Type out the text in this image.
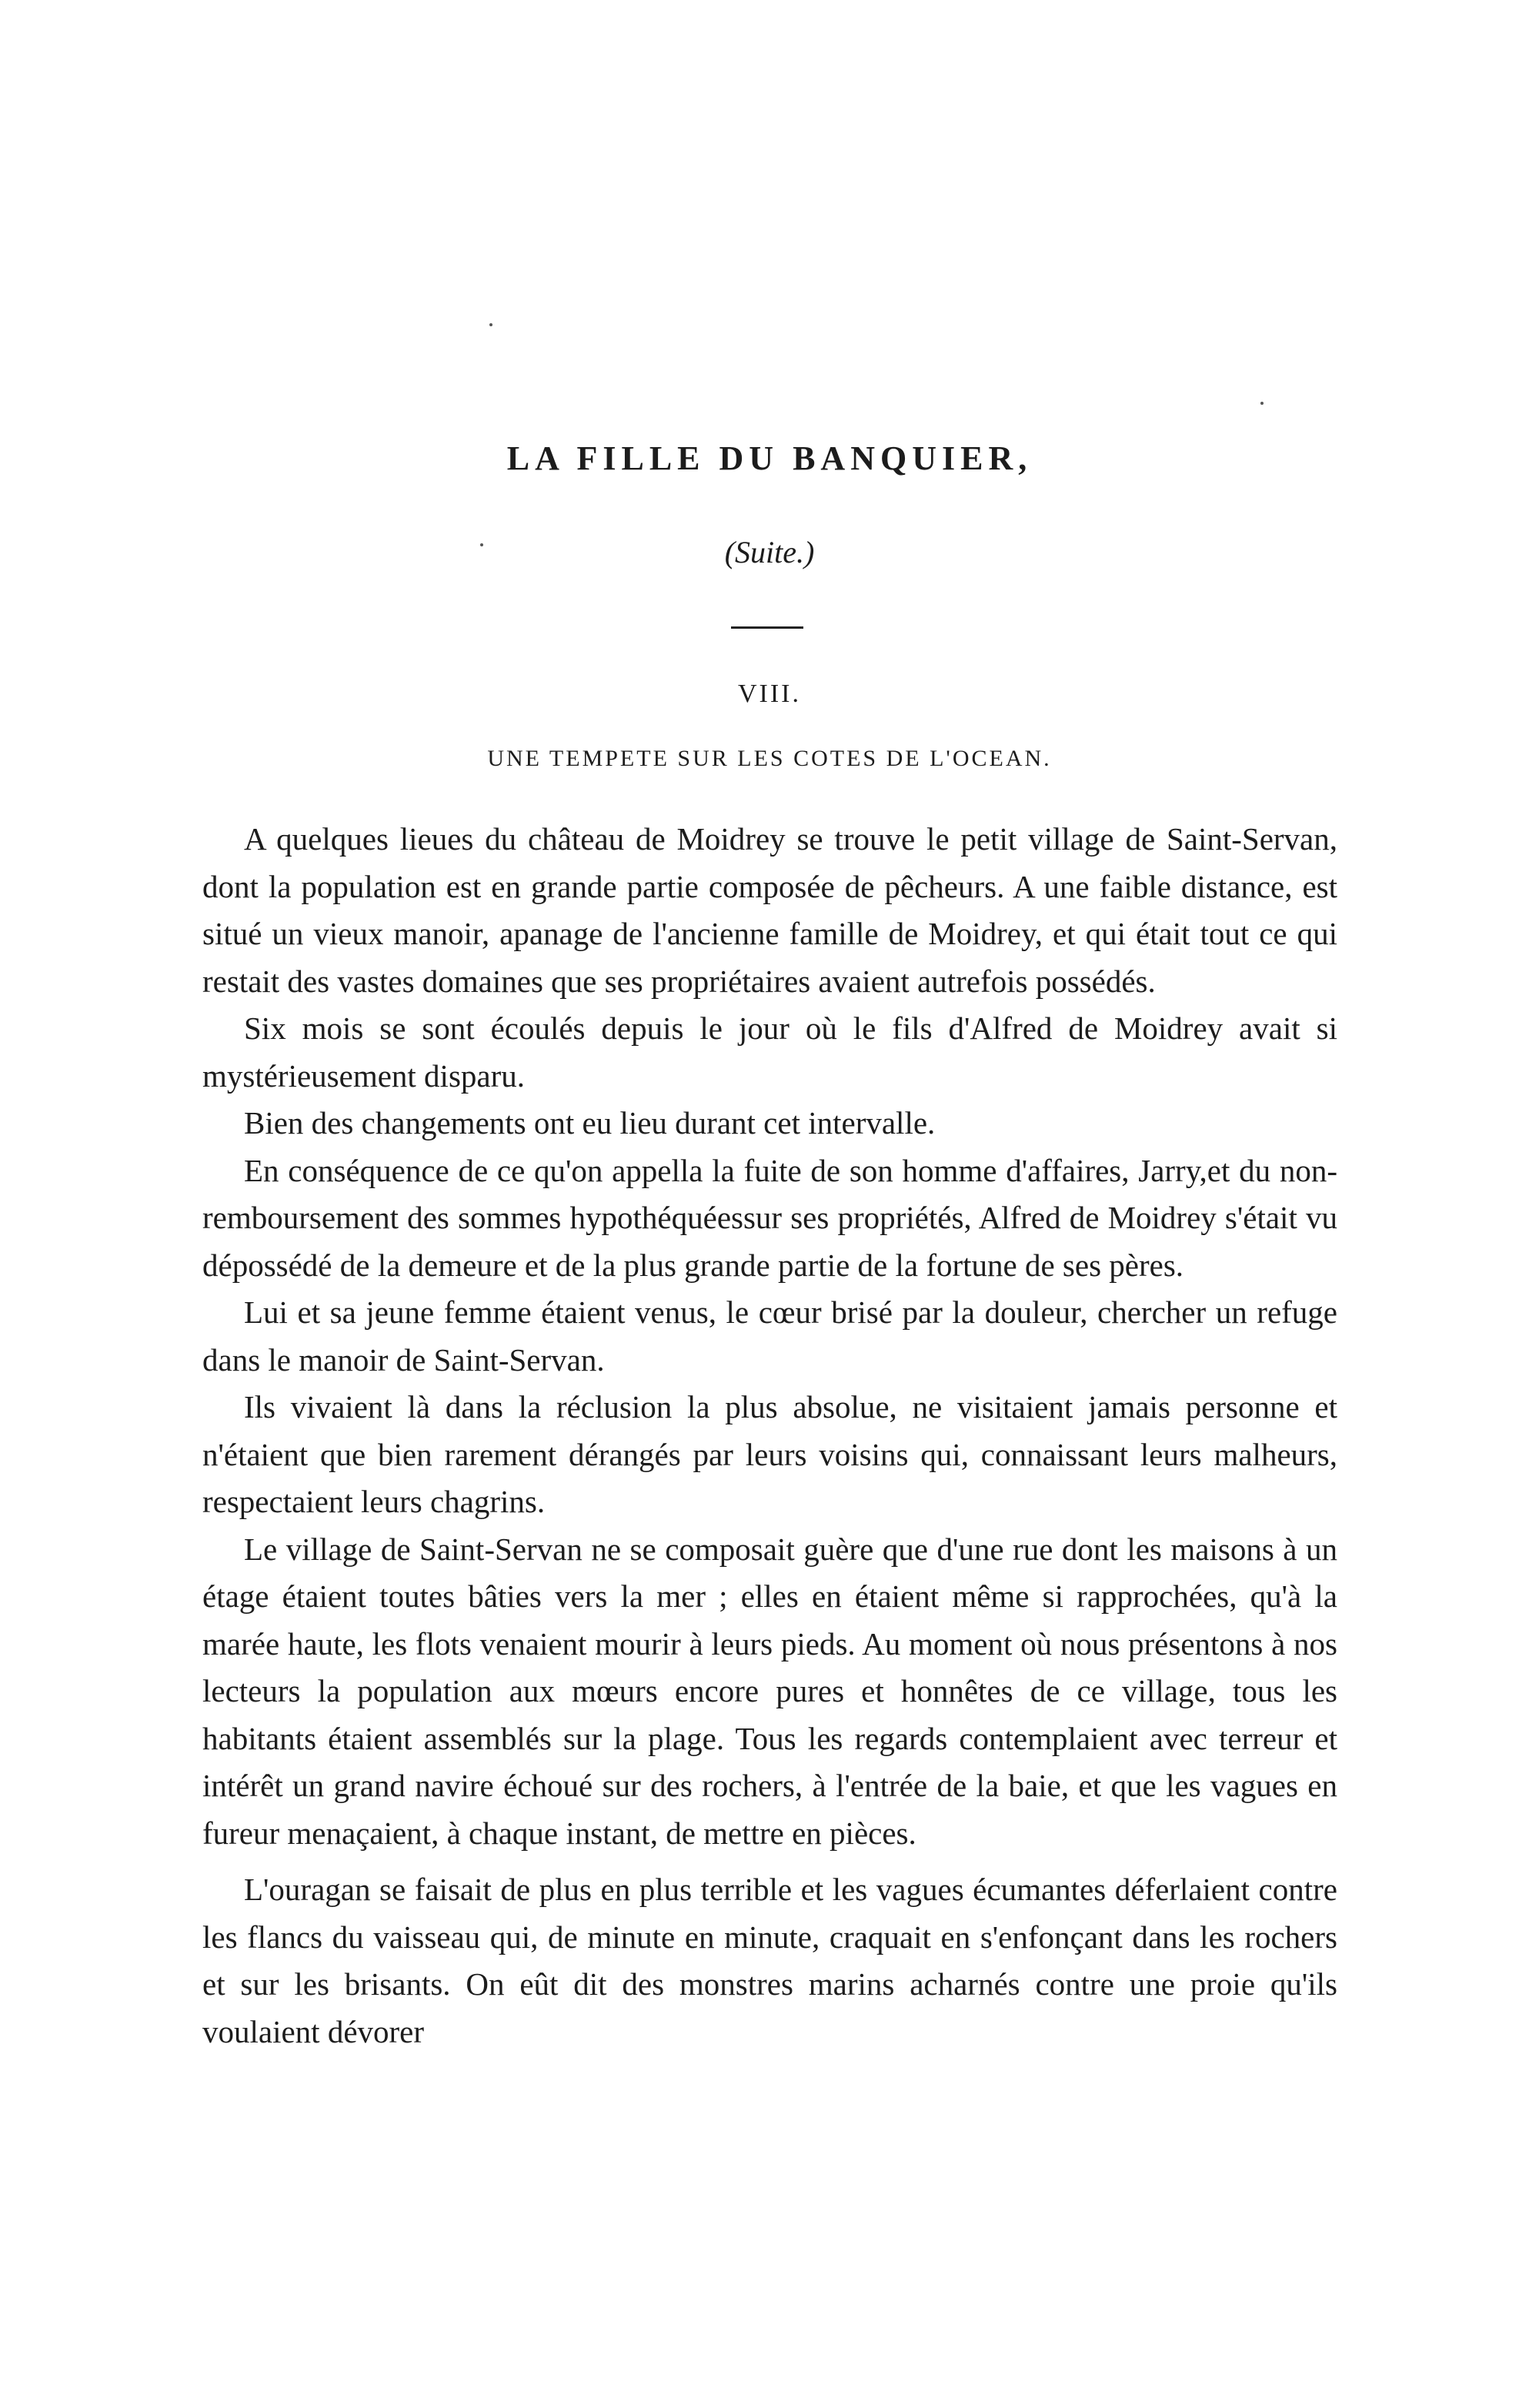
LA FILLE DU BANQUIER,

(Suite.)

VIII.

UNE TEMPETE SUR LES COTES DE L'OCEAN.

A quelques lieues du château de Moidrey se trouve le petit village de Saint-Servan, dont la population est en grande partie composée de pêcheurs. A une faible distance, est situé un vieux manoir, apanage de l'ancienne famille de Moidrey, et qui était tout ce qui restait des vastes domaines que ses propriétaires avaient autrefois possédés.

Six mois se sont écoulés depuis le jour où le fils d'Alfred de Moidrey avait si mystérieusement disparu.

Bien des changements ont eu lieu durant cet intervalle.

En conséquence de ce qu'on appella la fuite de son homme d'affaires, Jarry,et du non-remboursement des sommes hypothéquéessur ses propriétés, Alfred de Moidrey s'était vu dépossédé de la demeure et de la plus grande partie de la fortune de ses pères.

Lui et sa jeune femme étaient venus, le cœur brisé par la douleur, chercher un refuge dans le manoir de Saint-Servan.

Ils vivaient là dans la réclusion la plus absolue, ne visitaient jamais personne et n'étaient que bien rarement dérangés par leurs voisins qui, connaissant leurs malheurs, respectaient leurs chagrins.

Le village de Saint-Servan ne se composait guère que d'une rue dont les maisons à un étage étaient toutes bâties vers la mer ; elles en étaient même si rapprochées, qu'à la marée haute, les flots venaient mourir à leurs pieds. Au moment où nous présentons à nos lecteurs la population aux mœurs encore pures et honnêtes de ce village, tous les habitants étaient assemblés sur la plage. Tous les regards contemplaient avec terreur et intérêt un grand navire échoué sur des rochers, à l'entrée de la baie, et que les vagues en fureur menaçaient, à chaque instant, de mettre en pièces.

L'ouragan se faisait de plus en plus terrible et les vagues écumantes déferlaient contre les flancs du vaisseau qui, de minute en minute, craquait en s'enfonçant dans les rochers et sur les brisants. On eût dit des monstres marins acharnés contre une proie qu'ils voulaient dévorer
